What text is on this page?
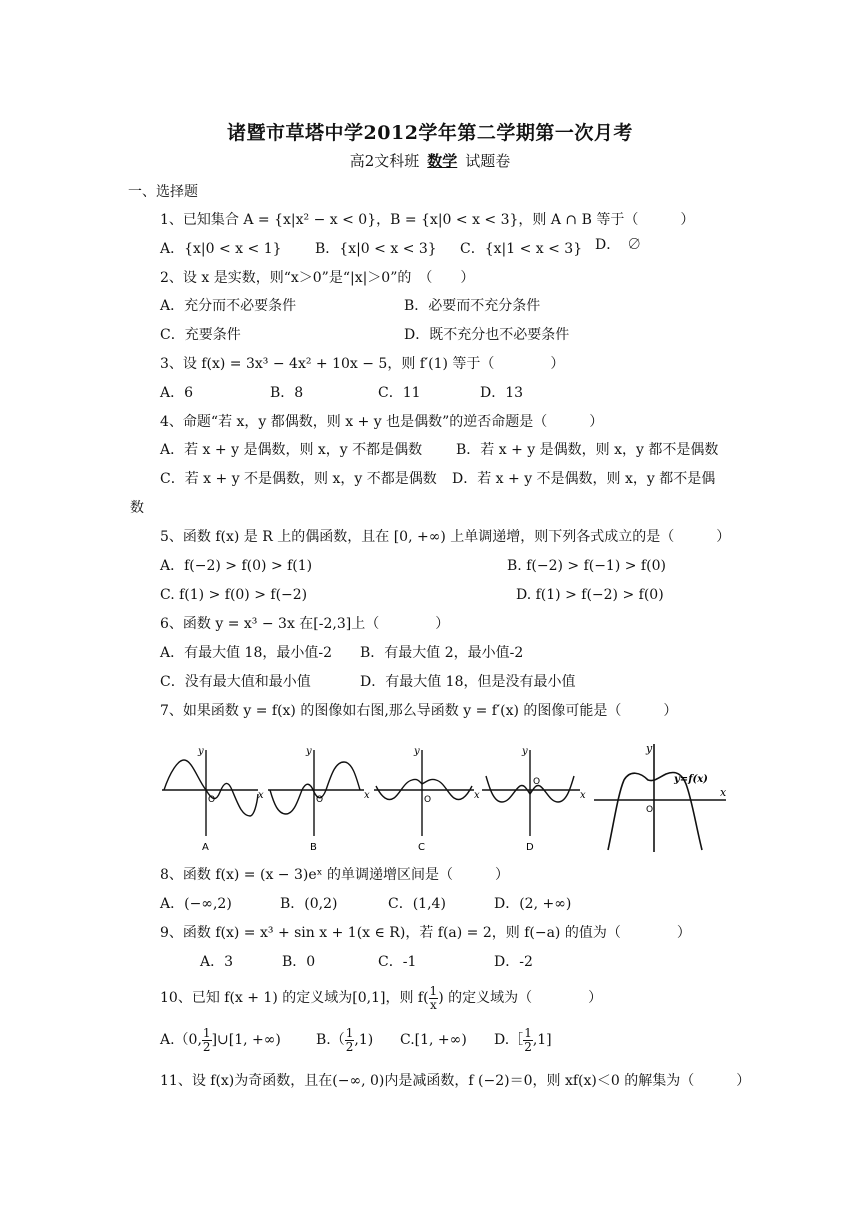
诸暨市草塔中学2012学年第二学期第一次月考
高2文科班 数学 试题卷
一、选择题
1、已知集合 A = {x|x² − x < 0}，B = {x|0 < x < 3}，则 A ∩ B 等于（　　　）
A．{x|0 < x < 1} B．{x|0 < x < 3} C．{x|1 < x < 3} D．　∅
2、设 x 是实数，则“x＞0”是“|x|＞0”的　（　　）
A．充分而不必要条件	B．必要而不充分条件
C．充要条件	D．既不充分也不必要条件
3、设 f(x) = 3x³ − 4x² + 10x − 5，则 f′(1) 等于（　　　　）
A．6	B．8	C．11	D．13
4、命题“若 x，y 都偶数，则 x + y 也是偶数”的逆否命题是（　　　）
A．若 x + y 是偶数，则 x，y 不都是偶数 B．若 x + y 是偶数，则 x，y 都不是偶数
C．若 x + y 不是偶数，则 x，y 不都是偶数 D．若 x + y 不是偶数，则 x，y 都不是偶
数
5、函数 f(x) 是 R 上的偶函数，且在 [0, +∞) 上单调递增，则下列各式成立的是（　　　）
A．f(−2) > f(0) > f(1)	B. f(−2) > f(−1) > f(0)
C. f(1) > f(0) > f(−2)	D. f(1) > f(−2) > f(0)
6、函数 y = x³ − 3x 在[-2,3]上（　　　　）
A．有最大值 18，最小值-2 B．有最大值 2，最小值-2
C．没有最大值和最小值	D．有最大值 18，但是没有最小值
7、如果函数 y = f(x) 的图像如右图,那么导函数 y = f′(x) 的图像可能是（　　　）
y
x
O
A
y
x
O
B
y
x
O
C
y
x
O
D
y
x
O
y=f(x)
8、函数 f(x) = (x − 3)eˣ 的单调递增区间是（　　　）
A．(−∞,2)	B．(0,2)	C．(1,4)	D．(2, +∞)
9、函数 f(x) = x³ + sin x + 1(x ∈ R)，若 f(a) = 2，则 f(−a) 的值为（　　　　）
A．3	B．0	C．-1	D．-2
10、已知 f(x + 1) 的定义域为[0,1]，则 $f( \frac{1}{x}$ ) 的定义域为（　　　　）
A.（0, $\frac{1}{2}$ ]∪[1, +∞)	$B.( \frac{1}{2} ,1)$ C.[1, +∞) D.［ $\frac{1}{2} ,1$]
11、设 f(x)为奇函数，且在(−∞, 0)内是减函数，f (−2)＝0，则 xf(x)＜0 的解集为（　　　）
